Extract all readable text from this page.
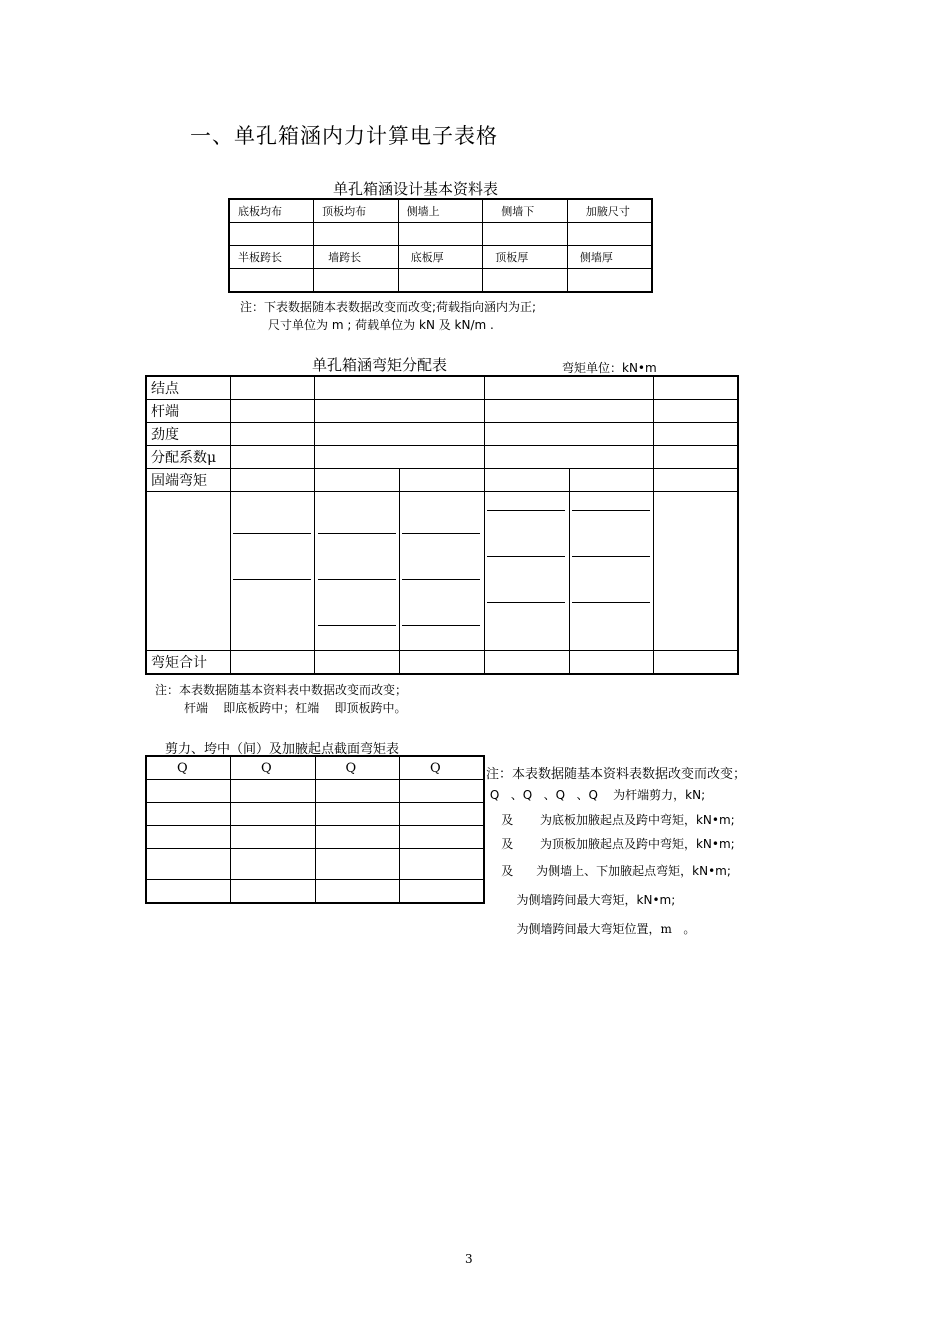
一、单孔箱涵内力计算电子表格
单孔箱涵设计基本资料表
底板均布	顶板均布	侧墙上	侧墙下	加腋尺寸

半板跨长	墙跨长	底板厚	顶板厚	侧墙厚

注：下表数据随本表数据改变而改变;荷载指向涵内为正;
尺寸单位为 m ; 荷载单位为 kN 及 kN/m .
单孔箱涵弯矩分配表	弯矩单位：kN•m
结点						
杆端						
劲度						
分配系数μ						
固端弯矩						

弯矩合计						
注：本表数据随基本资料表中数据改变而改变；
杆端    即底板跨中；杠端    即顶板跨中。
剪力、垮中（间）及加腋起点截面弯矩表
Q	Q	Q	Q

				注：本表数据随基本资料表数据改变而改变；
Q   、Q   、Q   、Q    为杆端剪力，kN;
及       为底板加腋起点及跨中弯矩，kN•m;
及       为顶板加腋起点及跨中弯矩，kN•m;
及      为侧墙上、下加腋起点弯矩，kN•m;
为侧墙跨间最大弯矩，kN•m;
为侧墙跨间最大弯矩位置，m   。
3
